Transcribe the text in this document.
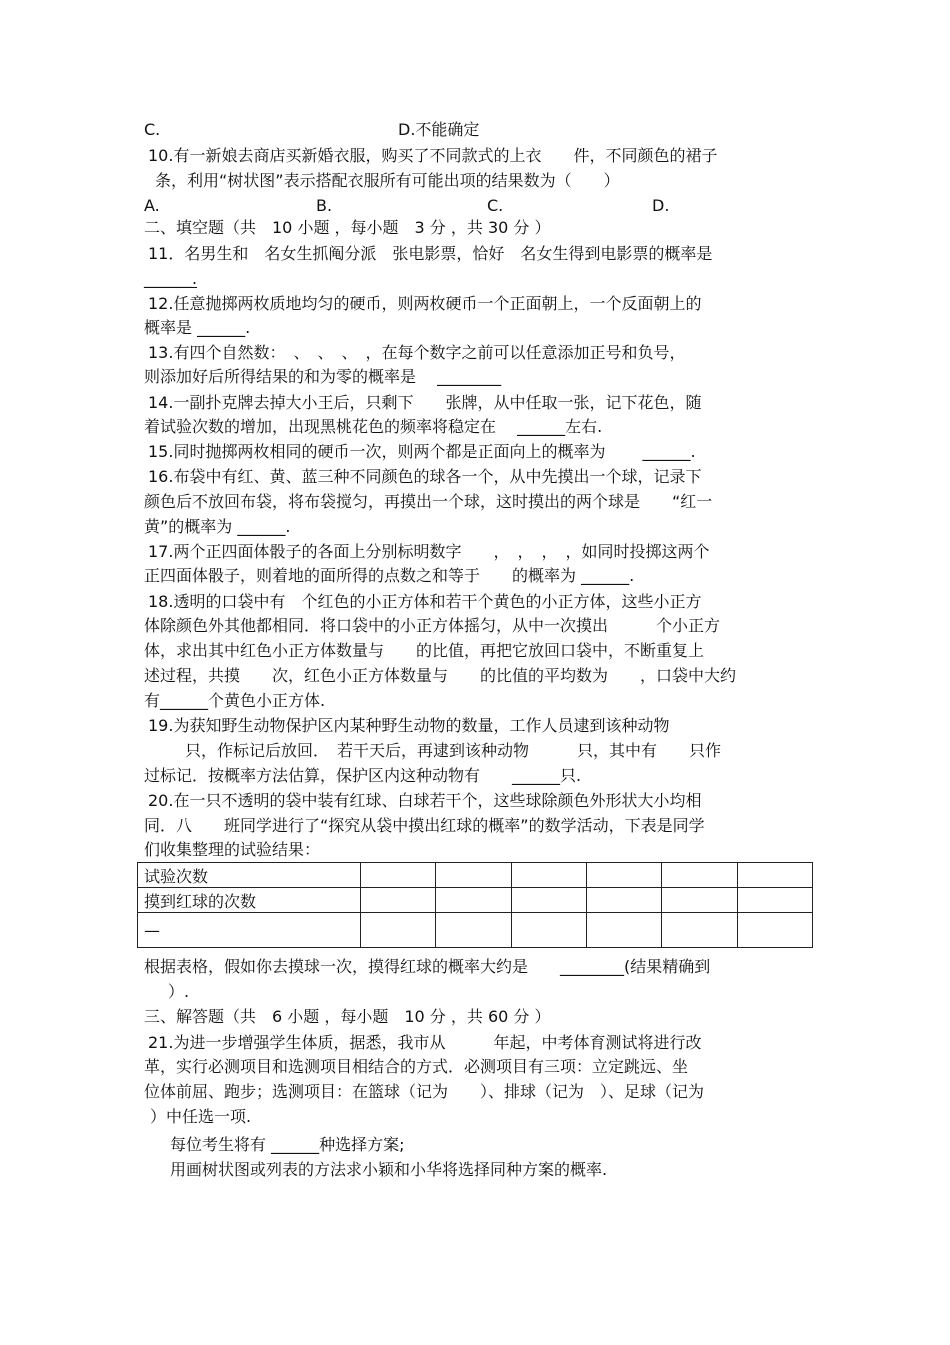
试验次数						
摸到红球的次数						
—						
C.	D.不能确定
10.有一新娘去商店买新婚衣服，购买了不同款式的上衣　　件，不同颜色的裙子
条，利用“树状图”表示搭配衣服所有可能出项的结果数为（　　）
A.	B.	C.	D.
二、填空题（共　10 小题 ，每小题　3 分 ，共 30 分 ）
11．名男生和　名女生抓阄分派　张电影票，恰好　名女生得到电影票的概率是
______.
12.任意抛掷两枚质地均匀的硬币，则两枚硬币一个正面朝上，一个反面朝上的
概率是 ______.
13.有四个自然数：　、　、　、　，在每个数字之前可以任意添加正号和负号，
则添加好后所得结果的和为零的概率是　 ________
14.一副扑克牌去掉大小王后，只剩下　　张牌，从中任取一张，记下花色，随
着试验次数的增加，出现黑桃花色的频率将稳定在　 ______左右.
15.同时抛掷两枚相同的硬币一次，则两个都是正面向上的概率为　　 ______.
16.布袋中有红、黄、蓝三种不同颜色的球各一个，从中先摸出一个球，记录下
颜色后不放回布袋，将布袋搅匀，再摸出一个球，这时摸出的两个球是　　“红一
黄”的概率为 ______.
17.两个正四面体骰子的各面上分别标明数字　　，　，　，　，如同时投掷这两个
正四面体骰子，则着地的面所得的点数之和等于　　的概率为 ______.
18.透明的口袋中有　个红色的小正方体和若干个黄色的小正方体，这些小正方
体除颜色外其他都相同．将口袋中的小正方体摇匀，从中一次摸出　　　个小正方
体，求出其中红色小正方体数量与　　的比值，再把它放回口袋中，不断重复上
述过程，共摸　　次，红色小正方体数量与　　的比值的平均数为　　，口袋中大约
有______个黄色小正方体.
19.为获知野生动物保护区内某种野生动物的数量，工作人员逮到该种动物
只，作标记后放回．　若干天后，再逮到该种动物　　　只，其中有　　只作
过标记．按概率方法估算，保护区内这种动物有　　______只.
20.在一只不透明的袋中装有红球、白球若干个，这些球除颜色外形状大小均相
同．八　　班同学进行了“探究从袋中摸出红球的概率”的数学活动，下表是同学
们收集整理的试验结果：
根据表格，假如你去摸球一次，摸得红球的概率大约是　　________(结果精确到
）.
三、解答题（共　6 小题 ，每小题　10 分 ，共 60 分 ）
21.为进一步增强学生体质，据悉，我市从　　　年起，中考体育测试将进行改
革，实行必测项目和选测项目相结合的方式．必测项目有三项：立定跳远、坐
位体前屈、跑步；选测项目：在篮球（记为　　）、排球（记为　）、足球（记为
）中任选一项.
每位考生将有 ______种选择方案;
用画树状图或列表的方法求小颖和小华将选择同种方案的概率.
